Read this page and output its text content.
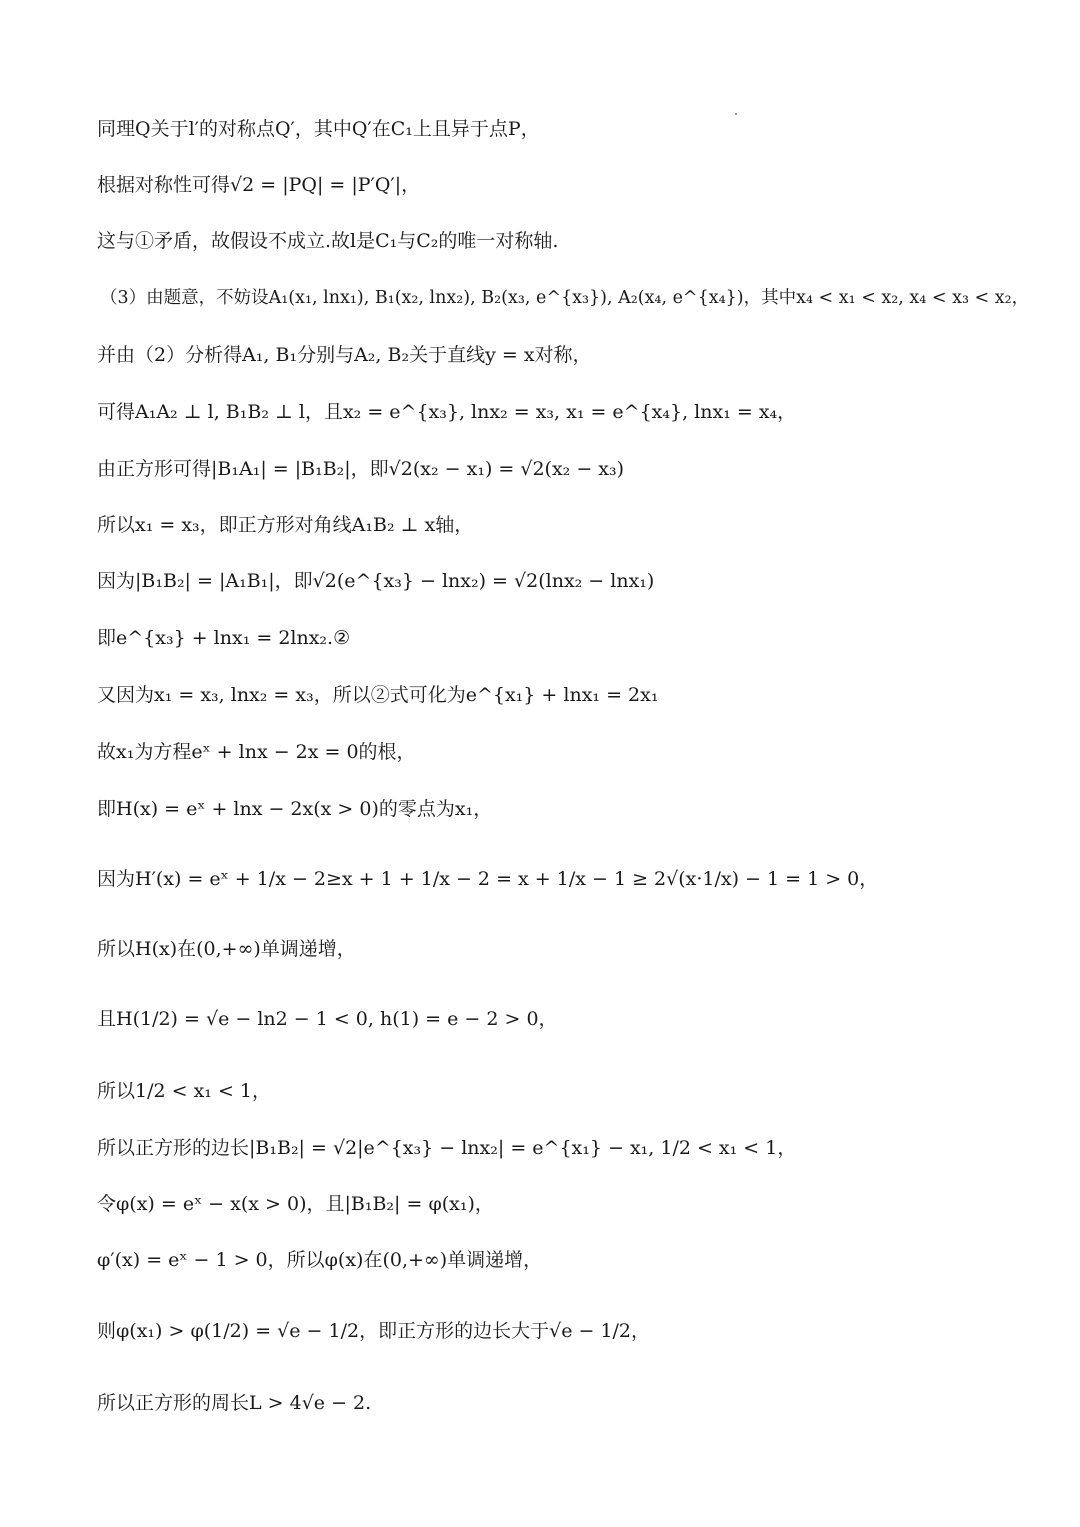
同理Q关于l′的对称点Q′，其中Q′在C₁上且异于点P，
根据对称性可得√2 = |PQ| = |P′Q′|，
这与①矛盾，故假设不成立.故l是C₁与C₂的唯一对称轴.
（3）由题意，不妨设A₁(x₁, lnx₁), B₁(x₂, lnx₂), B₂(x₃, e^{x₃}), A₂(x₄, e^{x₄})，其中x₄ < x₁ < x₂, x₄ < x₃ < x₂，
并由（2）分析得A₁, B₁分别与A₂, B₂关于直线y = x对称，
可得A₁A₂ ⊥ l, B₁B₂ ⊥ l，且x₂ = e^{x₃}, lnx₂ = x₃, x₁ = e^{x₄}, lnx₁ = x₄，
由正方形可得|B₁A₁| = |B₁B₂|，即√2(x₂ − x₁) = √2(x₂ − x₃)
所以x₁ = x₃，即正方形对角线A₁B₂ ⊥ x轴，
因为|B₁B₂| = |A₁B₁|，即√2(e^{x₃} − lnx₂) = √2(lnx₂ − lnx₁)
即e^{x₃} + lnx₁ = 2lnx₂.②
又因为x₁ = x₃, lnx₂ = x₃，所以②式可化为e^{x₁} + lnx₁ = 2x₁
故x₁为方程eˣ + lnx − 2x = 0的根，
即H(x) = eˣ + lnx − 2x(x > 0)的零点为x₁，
因为H′(x) = eˣ + 1/x − 2≥x + 1 + 1/x − 2 = x + 1/x − 1 ≥ 2√(x·1/x) − 1 = 1 > 0，
所以H(x)在(0,+∞)单调递增，
且H(1/2) = √e − ln2 − 1 < 0, h(1) = e − 2 > 0，
所以1/2 < x₁ < 1，
所以正方形的边长|B₁B₂| = √2|e^{x₃} − lnx₂| = e^{x₁} − x₁, 1/2 < x₁ < 1，
令φ(x) = eˣ − x(x > 0)，且|B₁B₂| = φ(x₁)，
φ′(x) = eˣ − 1 > 0，所以φ(x)在(0,+∞)单调递增，
则φ(x₁) > φ(1/2) = √e − 1/2，即正方形的边长大于√e − 1/2，
所以正方形的周长L > 4√e − 2.
